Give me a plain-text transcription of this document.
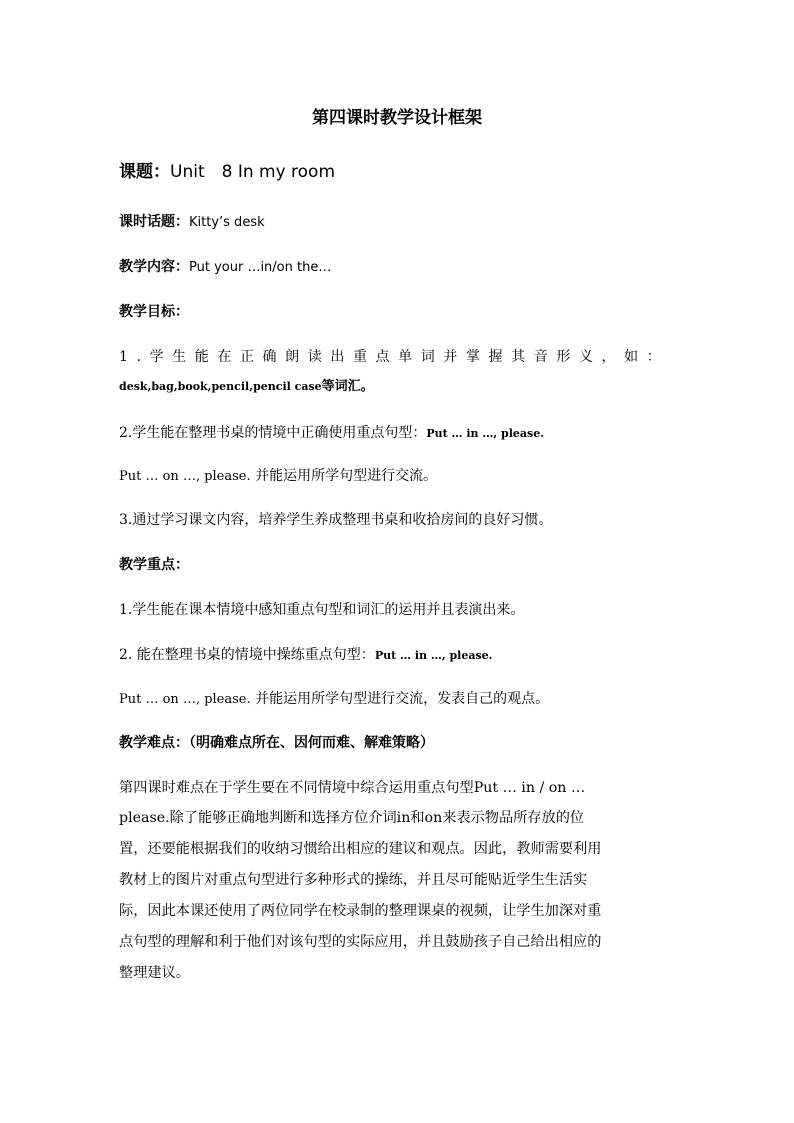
第四课时教学设计框架
课题：Unit　8 In my room
课时话题：Kitty’s desk
教学内容：Put your …in/on the…
教学目标：
1.学生能在正确朗读出重点单词并掌握其音形义，如：
desk,bag,book,pencil,pencil case等词汇。
2.学生能在整理书桌的情境中正确使用重点句型：Put … in …, please.
Put … on …, please. 并能运用所学句型进行交流。
3.通过学习课文内容，培养学生养成整理书桌和收拾房间的良好习惯。
教学重点：
1.学生能在课本情境中感知重点句型和词汇的运用并且表演出来。
2. 能在整理书桌的情境中操练重点句型：Put … in …, please.
Put … on …, please. 并能运用所学句型进行交流，发表自己的观点。
教学难点：（明确难点所在、因何而难、解难策略）
第四课时难点在于学生要在不同情境中综合运用重点句型Put … in / on …
please.除了能够正确地判断和选择方位介词in和on来表示物品所存放的位
置，还要能根据我们的收纳习惯给出相应的建议和观点。因此，教师需要利用
教材上的图片对重点句型进行多种形式的操练，并且尽可能贴近学生生活实
际，因此本课还使用了两位同学在校录制的整理课桌的视频，让学生加深对重
点句型的理解和利于他们对该句型的实际应用，并且鼓励孩子自己给出相应的
整理建议。
